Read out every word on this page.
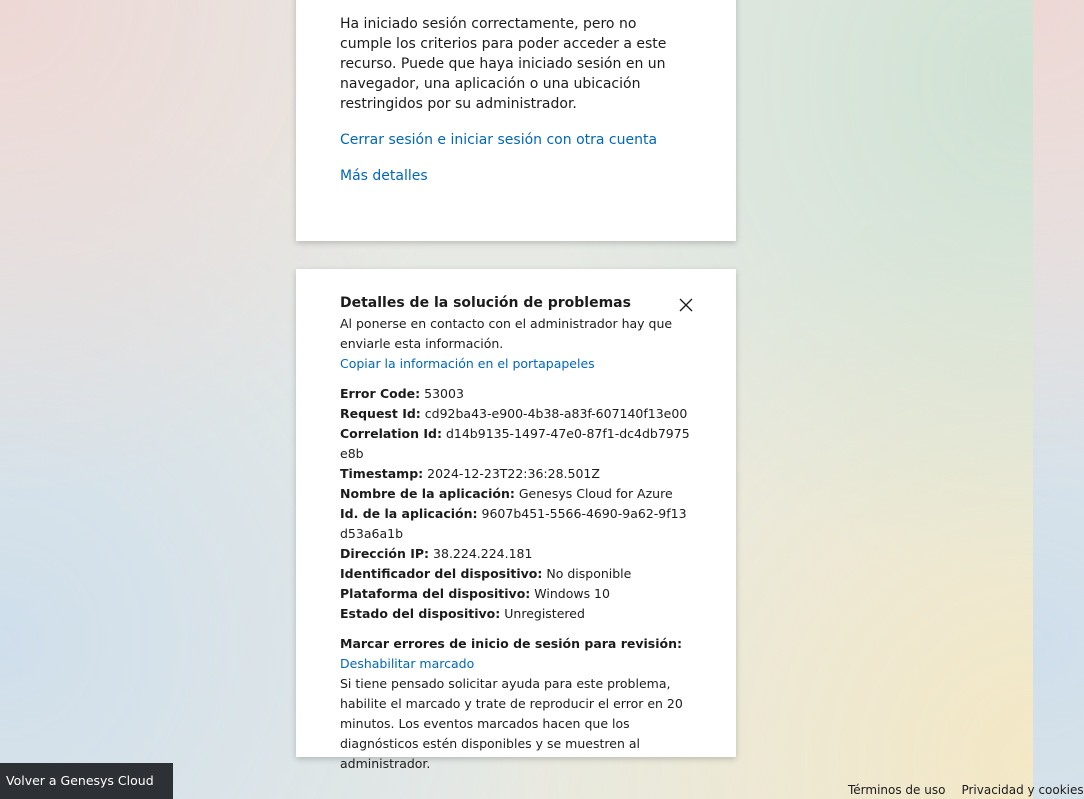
Ha iniciado sesión correctamente, pero no cumple los criterios para poder acceder a este recurso. Puede que haya iniciado sesión en un navegador, una aplicación o una ubicación restringidos por su administrador.

Cerrar sesión e iniciar sesión con otra cuenta
Más detalles
Detalles de la solución de problemas

Al ponerse en contacto con el administrador hay que enviarle esta información.

Copiar la información en el portapapeles
Error Code: 53003
Request Id: cd92ba43-e900-4b38-a83f-607140f13e00
Correlation Id: d14b9135-1497-47e0-87f1-dc4db7975e8b
Timestamp: 2024-12-23T22:36:28.501Z
Nombre de la aplicación: Genesys Cloud for Azure
Id. de la aplicación: 9607b451-5566-4690-9a62-9f13d53a6a1b
Dirección IP: 38.224.224.181
Identificador del dispositivo: No disponible
Plataforma del dispositivo: Windows 10
Estado del dispositivo: Unregistered
Marcar errores de inicio de sesión para revisión:
Deshabilitar marcado

Si tiene pensado solicitar ayuda para este problema, habilite el marcado y trate de reproducir el error en 20 minutos. Los eventos marcados hacen que los diagnósticos estén disponibles y se muestren al administrador.

Volver a Genesys Cloud
Términos de uso Privacidad y cookies
